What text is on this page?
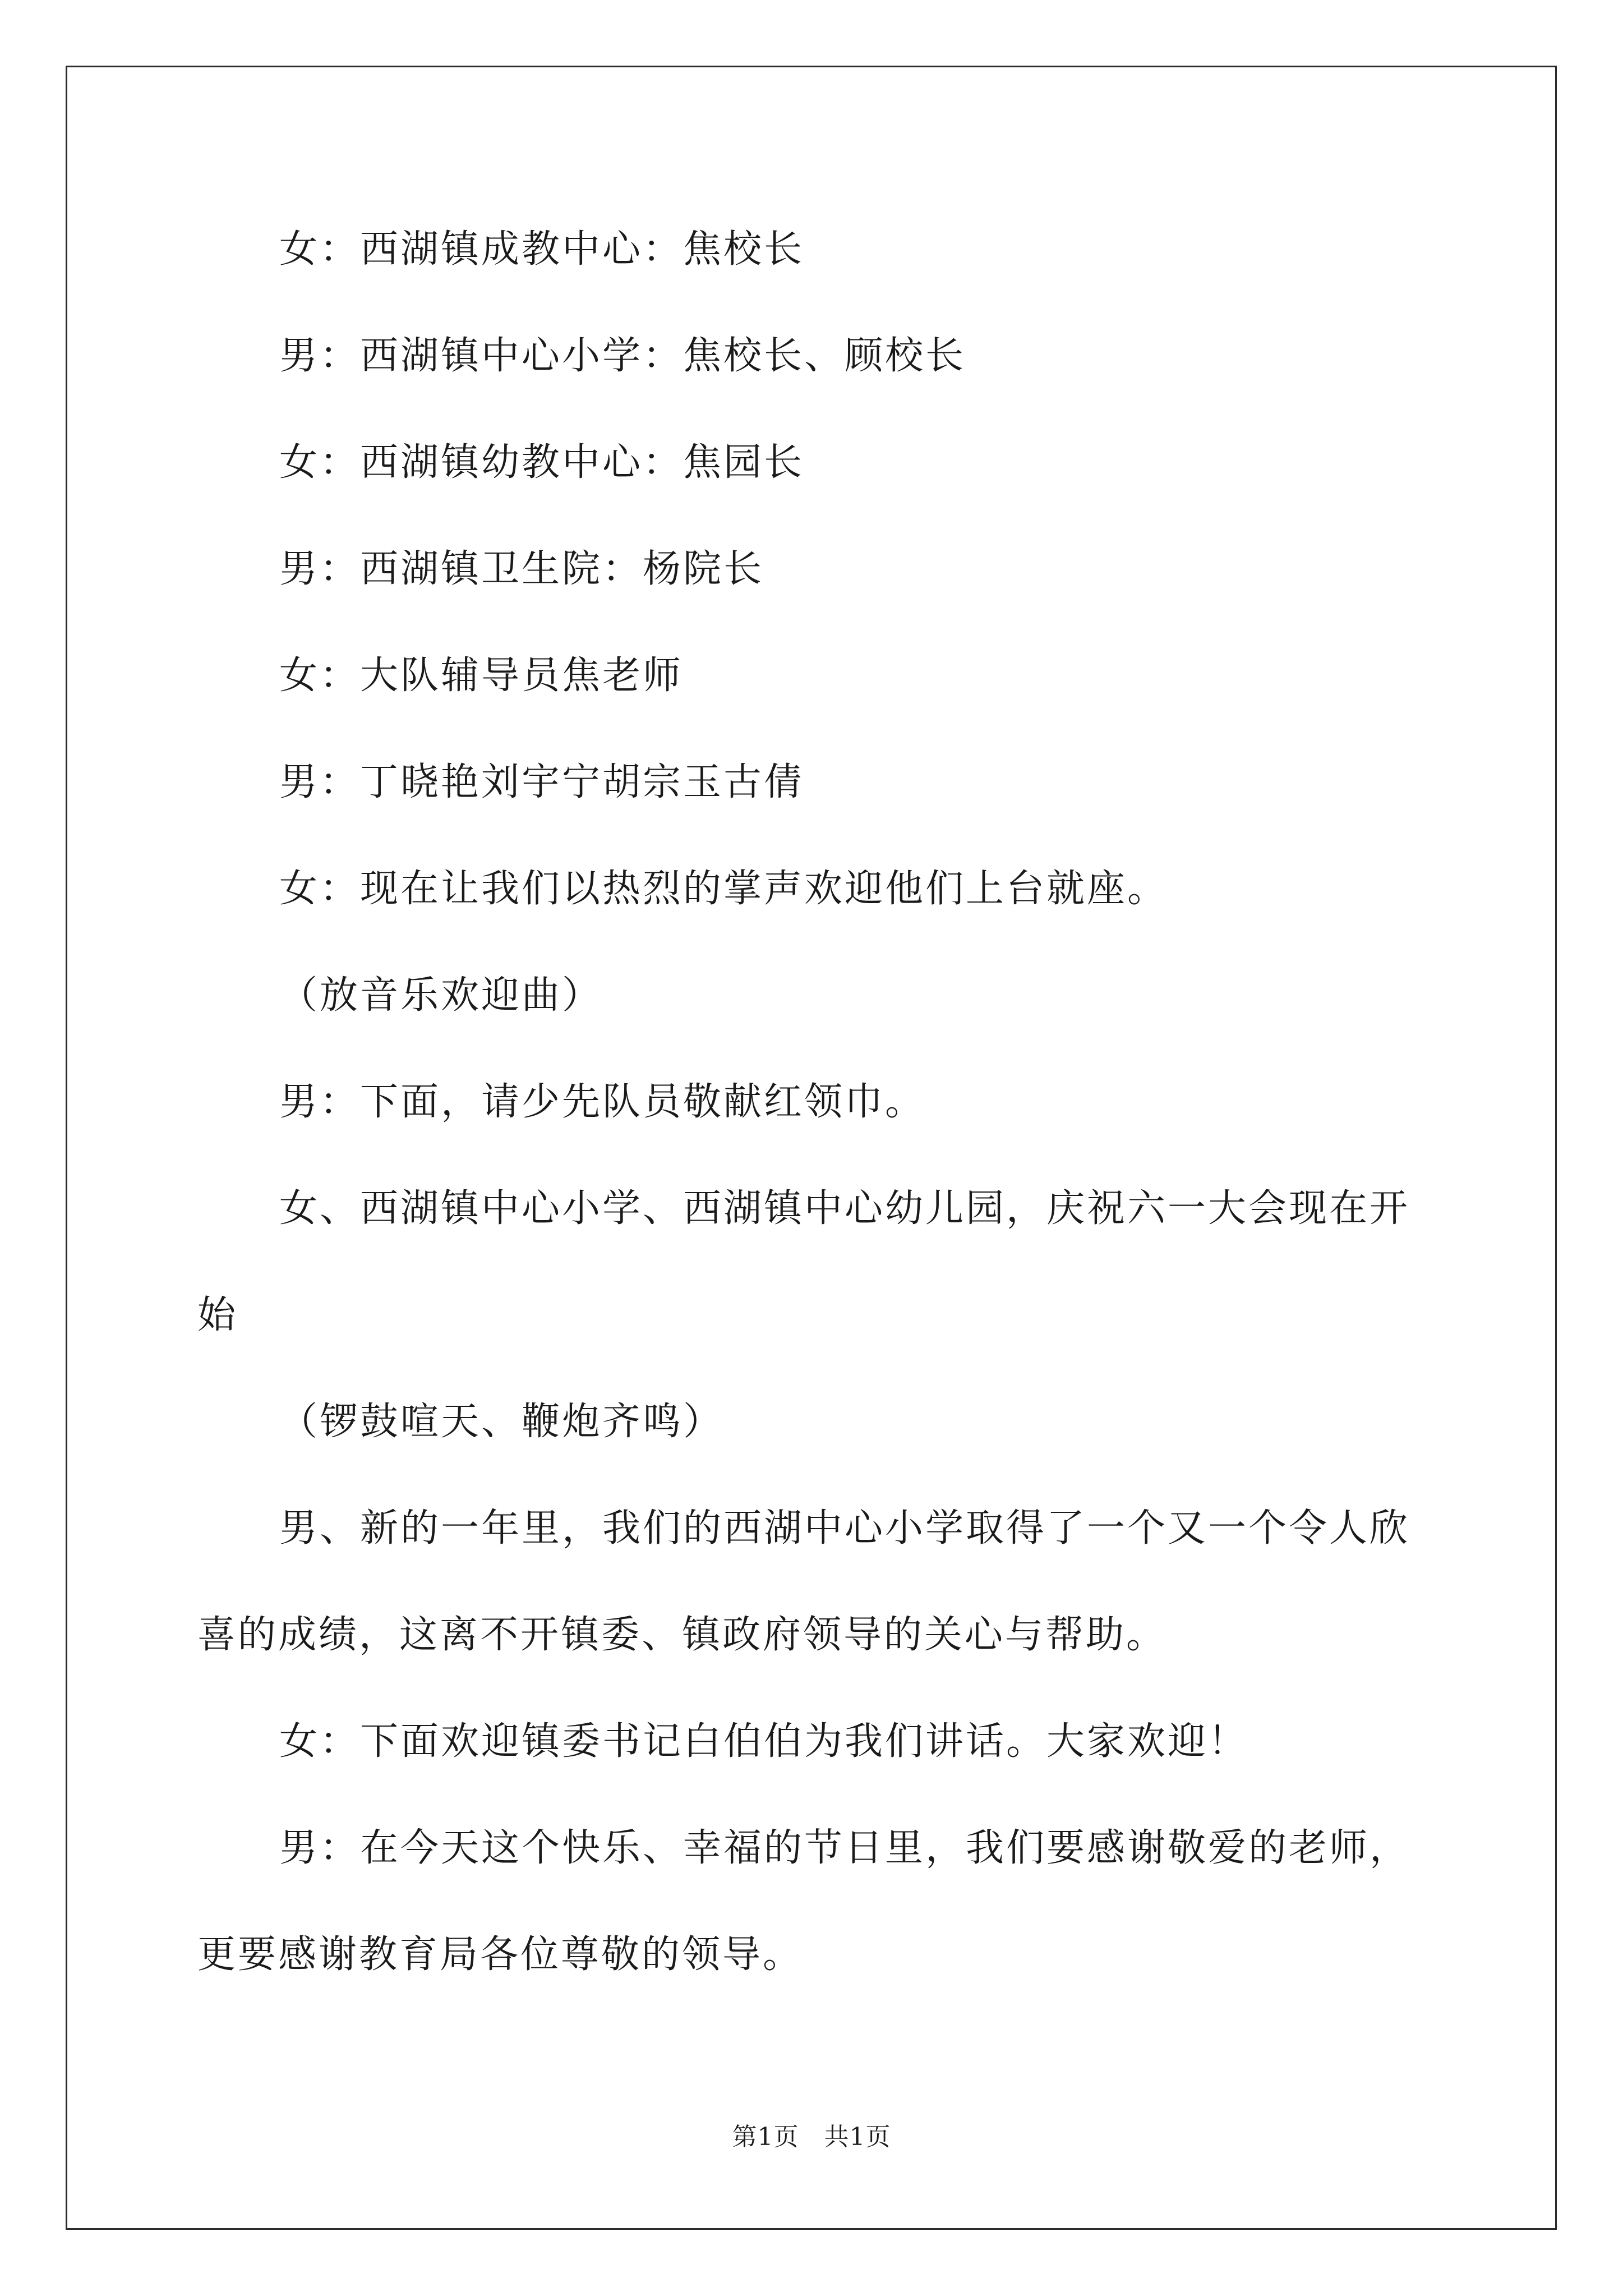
女：西湖镇成教中心：焦校长

男：西湖镇中心小学：焦校长、顾校长

女：西湖镇幼教中心：焦园长

男：西湖镇卫生院：杨院长

女：大队辅导员焦老师

男：丁晓艳刘宇宁胡宗玉古倩

女：现在让我们以热烈的掌声欢迎他们上台就座。

（放音乐欢迎曲）

男：下面，请少先队员敬献红领巾。

女、西湖镇中心小学、西湖镇中心幼儿园，庆祝六一大会现在开

始

（锣鼓喧天、鞭炮齐鸣）

男、新的一年里，我们的西湖中心小学取得了一个又一个令人欣

喜的成绩，这离不开镇委、镇政府领导的关心与帮助。

女：下面欢迎镇委书记白伯伯为我们讲话。大家欢迎！

男：在今天这个快乐、幸福的节日里，我们要感谢敬爱的老师，

更要感谢教育局各位尊敬的领导。

第1页　共1页
